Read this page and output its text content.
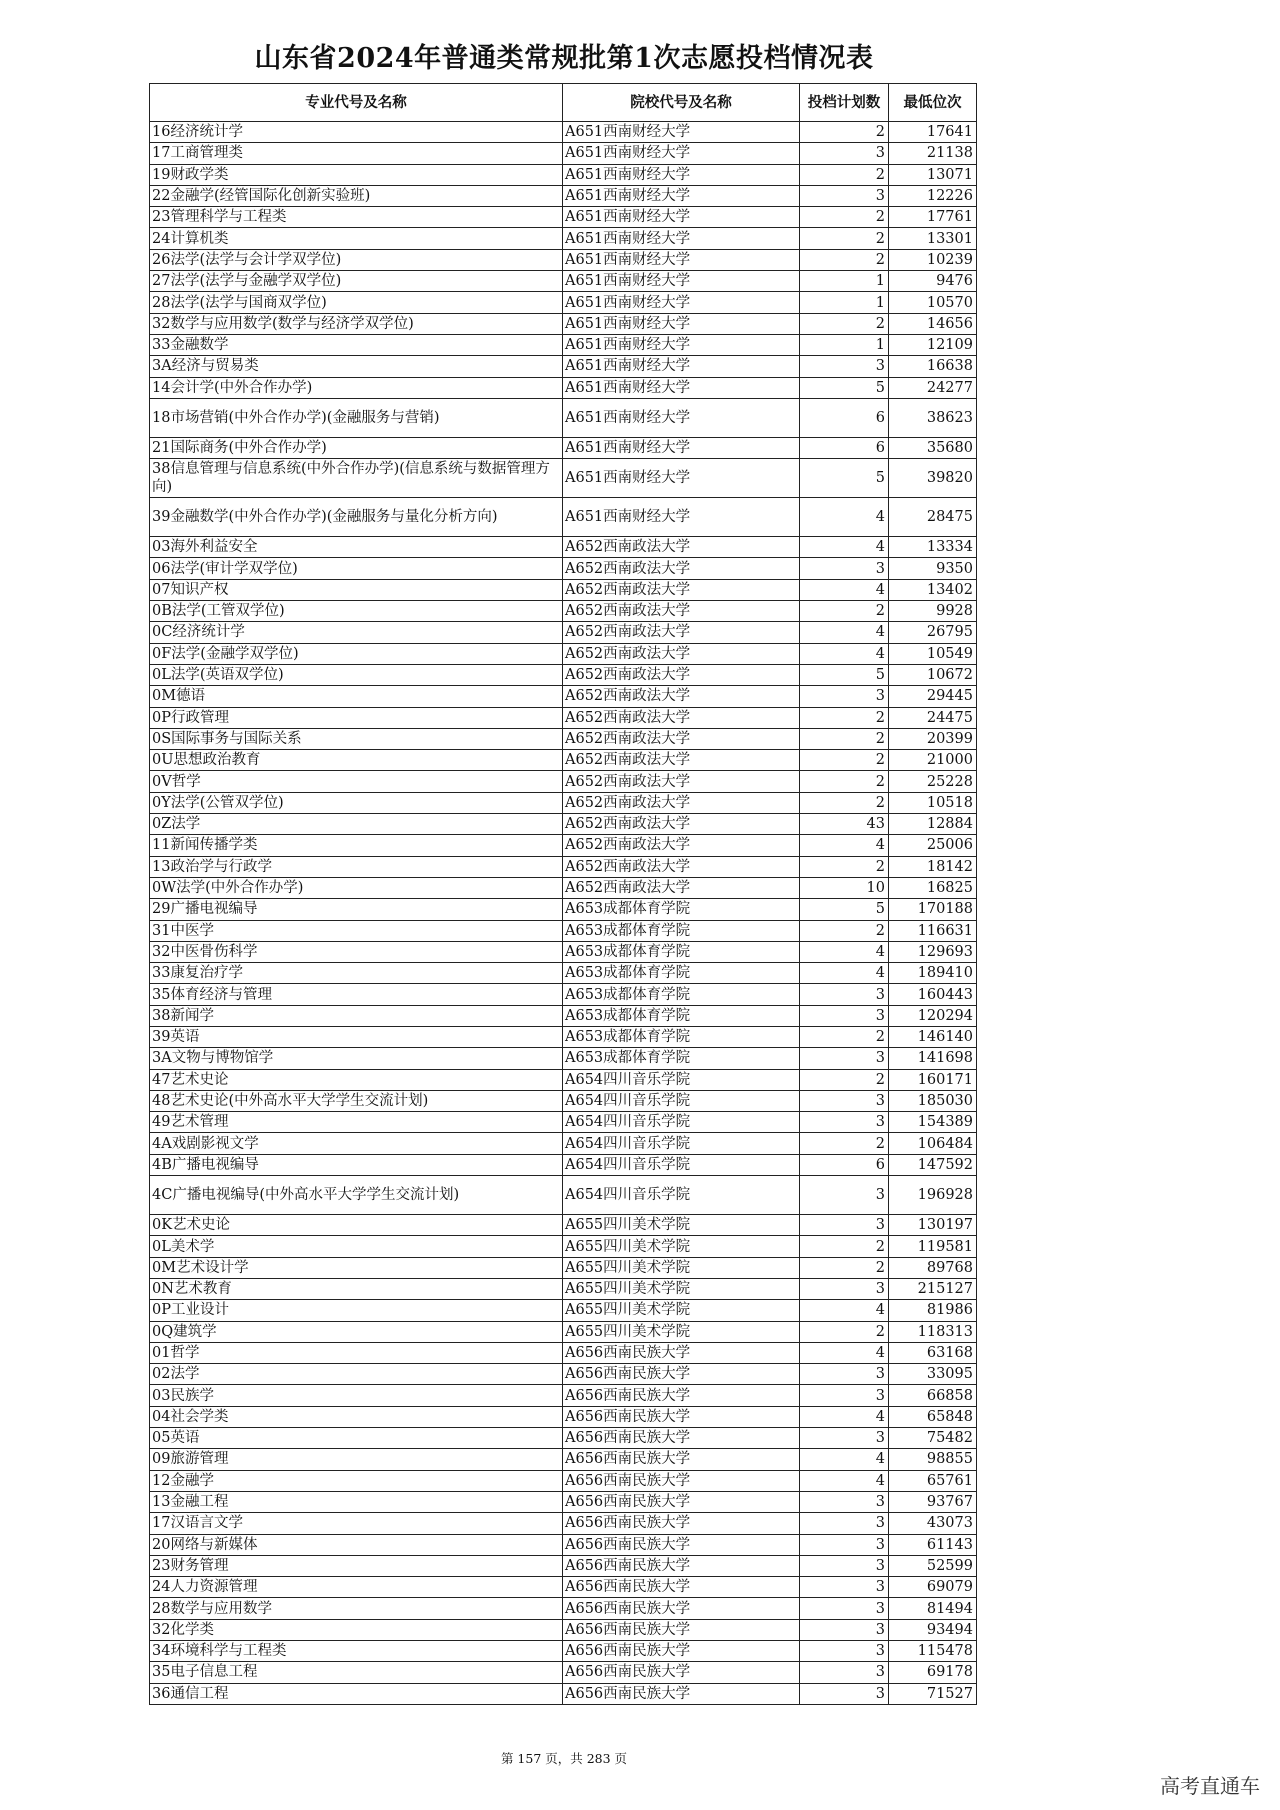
山东省2024年普通类常规批第1次志愿投档情况表
专业代号及名称	院校代号及名称	投档计划数	最低位次
16经济统计学	A651西南财经大学	2	17641
17工商管理类	A651西南财经大学	3	21138
19财政学类	A651西南财经大学	2	13071
22金融学(经管国际化创新实验班)	A651西南财经大学	3	12226
23管理科学与工程类	A651西南财经大学	2	17761
24计算机类	A651西南财经大学	2	13301
26法学(法学与会计学双学位)	A651西南财经大学	2	10239
27法学(法学与金融学双学位)	A651西南财经大学	1	9476
28法学(法学与国商双学位)	A651西南财经大学	1	10570
32数学与应用数学(数学与经济学双学位)	A651西南财经大学	2	14656
33金融数学	A651西南财经大学	1	12109
3A经济与贸易类	A651西南财经大学	3	16638
14会计学(中外合作办学)	A651西南财经大学	5	24277
18市场营销(中外合作办学)(金融服务与营销)	A651西南财经大学	6	38623
21国际商务(中外合作办学)	A651西南财经大学	6	35680
38信息管理与信息系统(中外合作办学)(信息系统与数据管理方向)	A651西南财经大学	5	39820
39金融数学(中外合作办学)(金融服务与量化分析方向)	A651西南财经大学	4	28475
03海外利益安全	A652西南政法大学	4	13334
06法学(审计学双学位)	A652西南政法大学	3	9350
07知识产权	A652西南政法大学	4	13402
0B法学(工管双学位)	A652西南政法大学	2	9928
0C经济统计学	A652西南政法大学	4	26795
0F法学(金融学双学位)	A652西南政法大学	4	10549
0L法学(英语双学位)	A652西南政法大学	5	10672
0M德语	A652西南政法大学	3	29445
0P行政管理	A652西南政法大学	2	24475
0S国际事务与国际关系	A652西南政法大学	2	20399
0U思想政治教育	A652西南政法大学	2	21000
0V哲学	A652西南政法大学	2	25228
0Y法学(公管双学位)	A652西南政法大学	2	10518
0Z法学	A652西南政法大学	43	12884
11新闻传播学类	A652西南政法大学	4	25006
13政治学与行政学	A652西南政法大学	2	18142
0W法学(中外合作办学)	A652西南政法大学	10	16825
29广播电视编导	A653成都体育学院	5	170188
31中医学	A653成都体育学院	2	116631
32中医骨伤科学	A653成都体育学院	4	129693
33康复治疗学	A653成都体育学院	4	189410
35体育经济与管理	A653成都体育学院	3	160443
38新闻学	A653成都体育学院	3	120294
39英语	A653成都体育学院	2	146140
3A文物与博物馆学	A653成都体育学院	3	141698
47艺术史论	A654四川音乐学院	2	160171
48艺术史论(中外高水平大学学生交流计划)	A654四川音乐学院	3	185030
49艺术管理	A654四川音乐学院	3	154389
4A戏剧影视文学	A654四川音乐学院	2	106484
4B广播电视编导	A654四川音乐学院	6	147592
4C广播电视编导(中外高水平大学学生交流计划)	A654四川音乐学院	3	196928
0K艺术史论	A655四川美术学院	3	130197
0L美术学	A655四川美术学院	2	119581
0M艺术设计学	A655四川美术学院	2	89768
0N艺术教育	A655四川美术学院	3	215127
0P工业设计	A655四川美术学院	4	81986
0Q建筑学	A655四川美术学院	2	118313
01哲学	A656西南民族大学	4	63168
02法学	A656西南民族大学	3	33095
03民族学	A656西南民族大学	3	66858
04社会学类	A656西南民族大学	4	65848
05英语	A656西南民族大学	3	75482
09旅游管理	A656西南民族大学	4	98855
12金融学	A656西南民族大学	4	65761
13金融工程	A656西南民族大学	3	93767
17汉语言文学	A656西南民族大学	3	43073
20网络与新媒体	A656西南民族大学	3	61143
23财务管理	A656西南民族大学	3	52599
24人力资源管理	A656西南民族大学	3	69079
28数学与应用数学	A656西南民族大学	3	81494
32化学类	A656西南民族大学	3	93494
34环境科学与工程类	A656西南民族大学	3	115478
35电子信息工程	A656西南民族大学	3	69178
36通信工程	A656西南民族大学	3	71527
第 157 页，共 283 页
高考直通车
